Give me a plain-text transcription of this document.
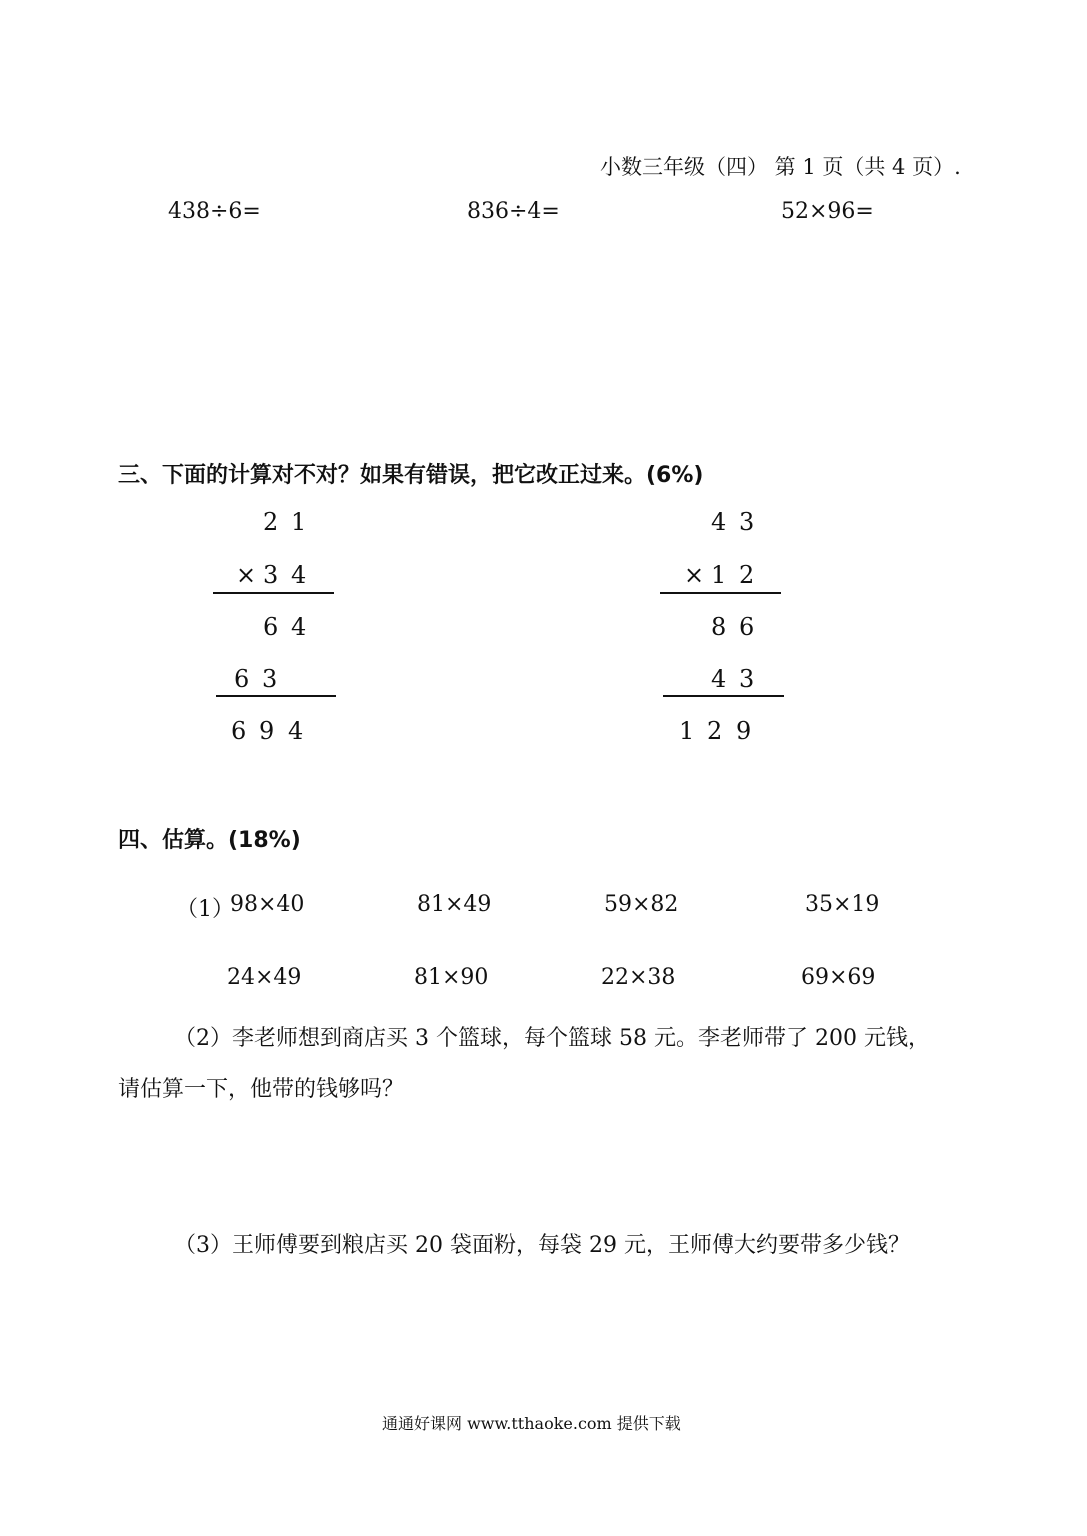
小数三年级（四） 第 1 页（共 4 页）.
438÷6=	836÷4=	52×96=
三、下面的计算对不对？如果有错误，把它改正过来。(6%)
2 1
× 3 4
6 4
6 3
6 9 4
4 3
× 1 2
8 6
4 3
1 2 9
四、估算。(18%)
（1）
98×40	81×49	59×82	35×19
24×49	81×90	22×38	69×69
（2）李老师想到商店买 3 个篮球，每个篮球 58 元。李老师带了 200 元钱，
请估算一下，他带的钱够吗？
（3）王师傅要到粮店买 20 袋面粉，每袋 29 元，王师傅大约要带多少钱？
通通好课网 www.tthaoke.com 提供下载
